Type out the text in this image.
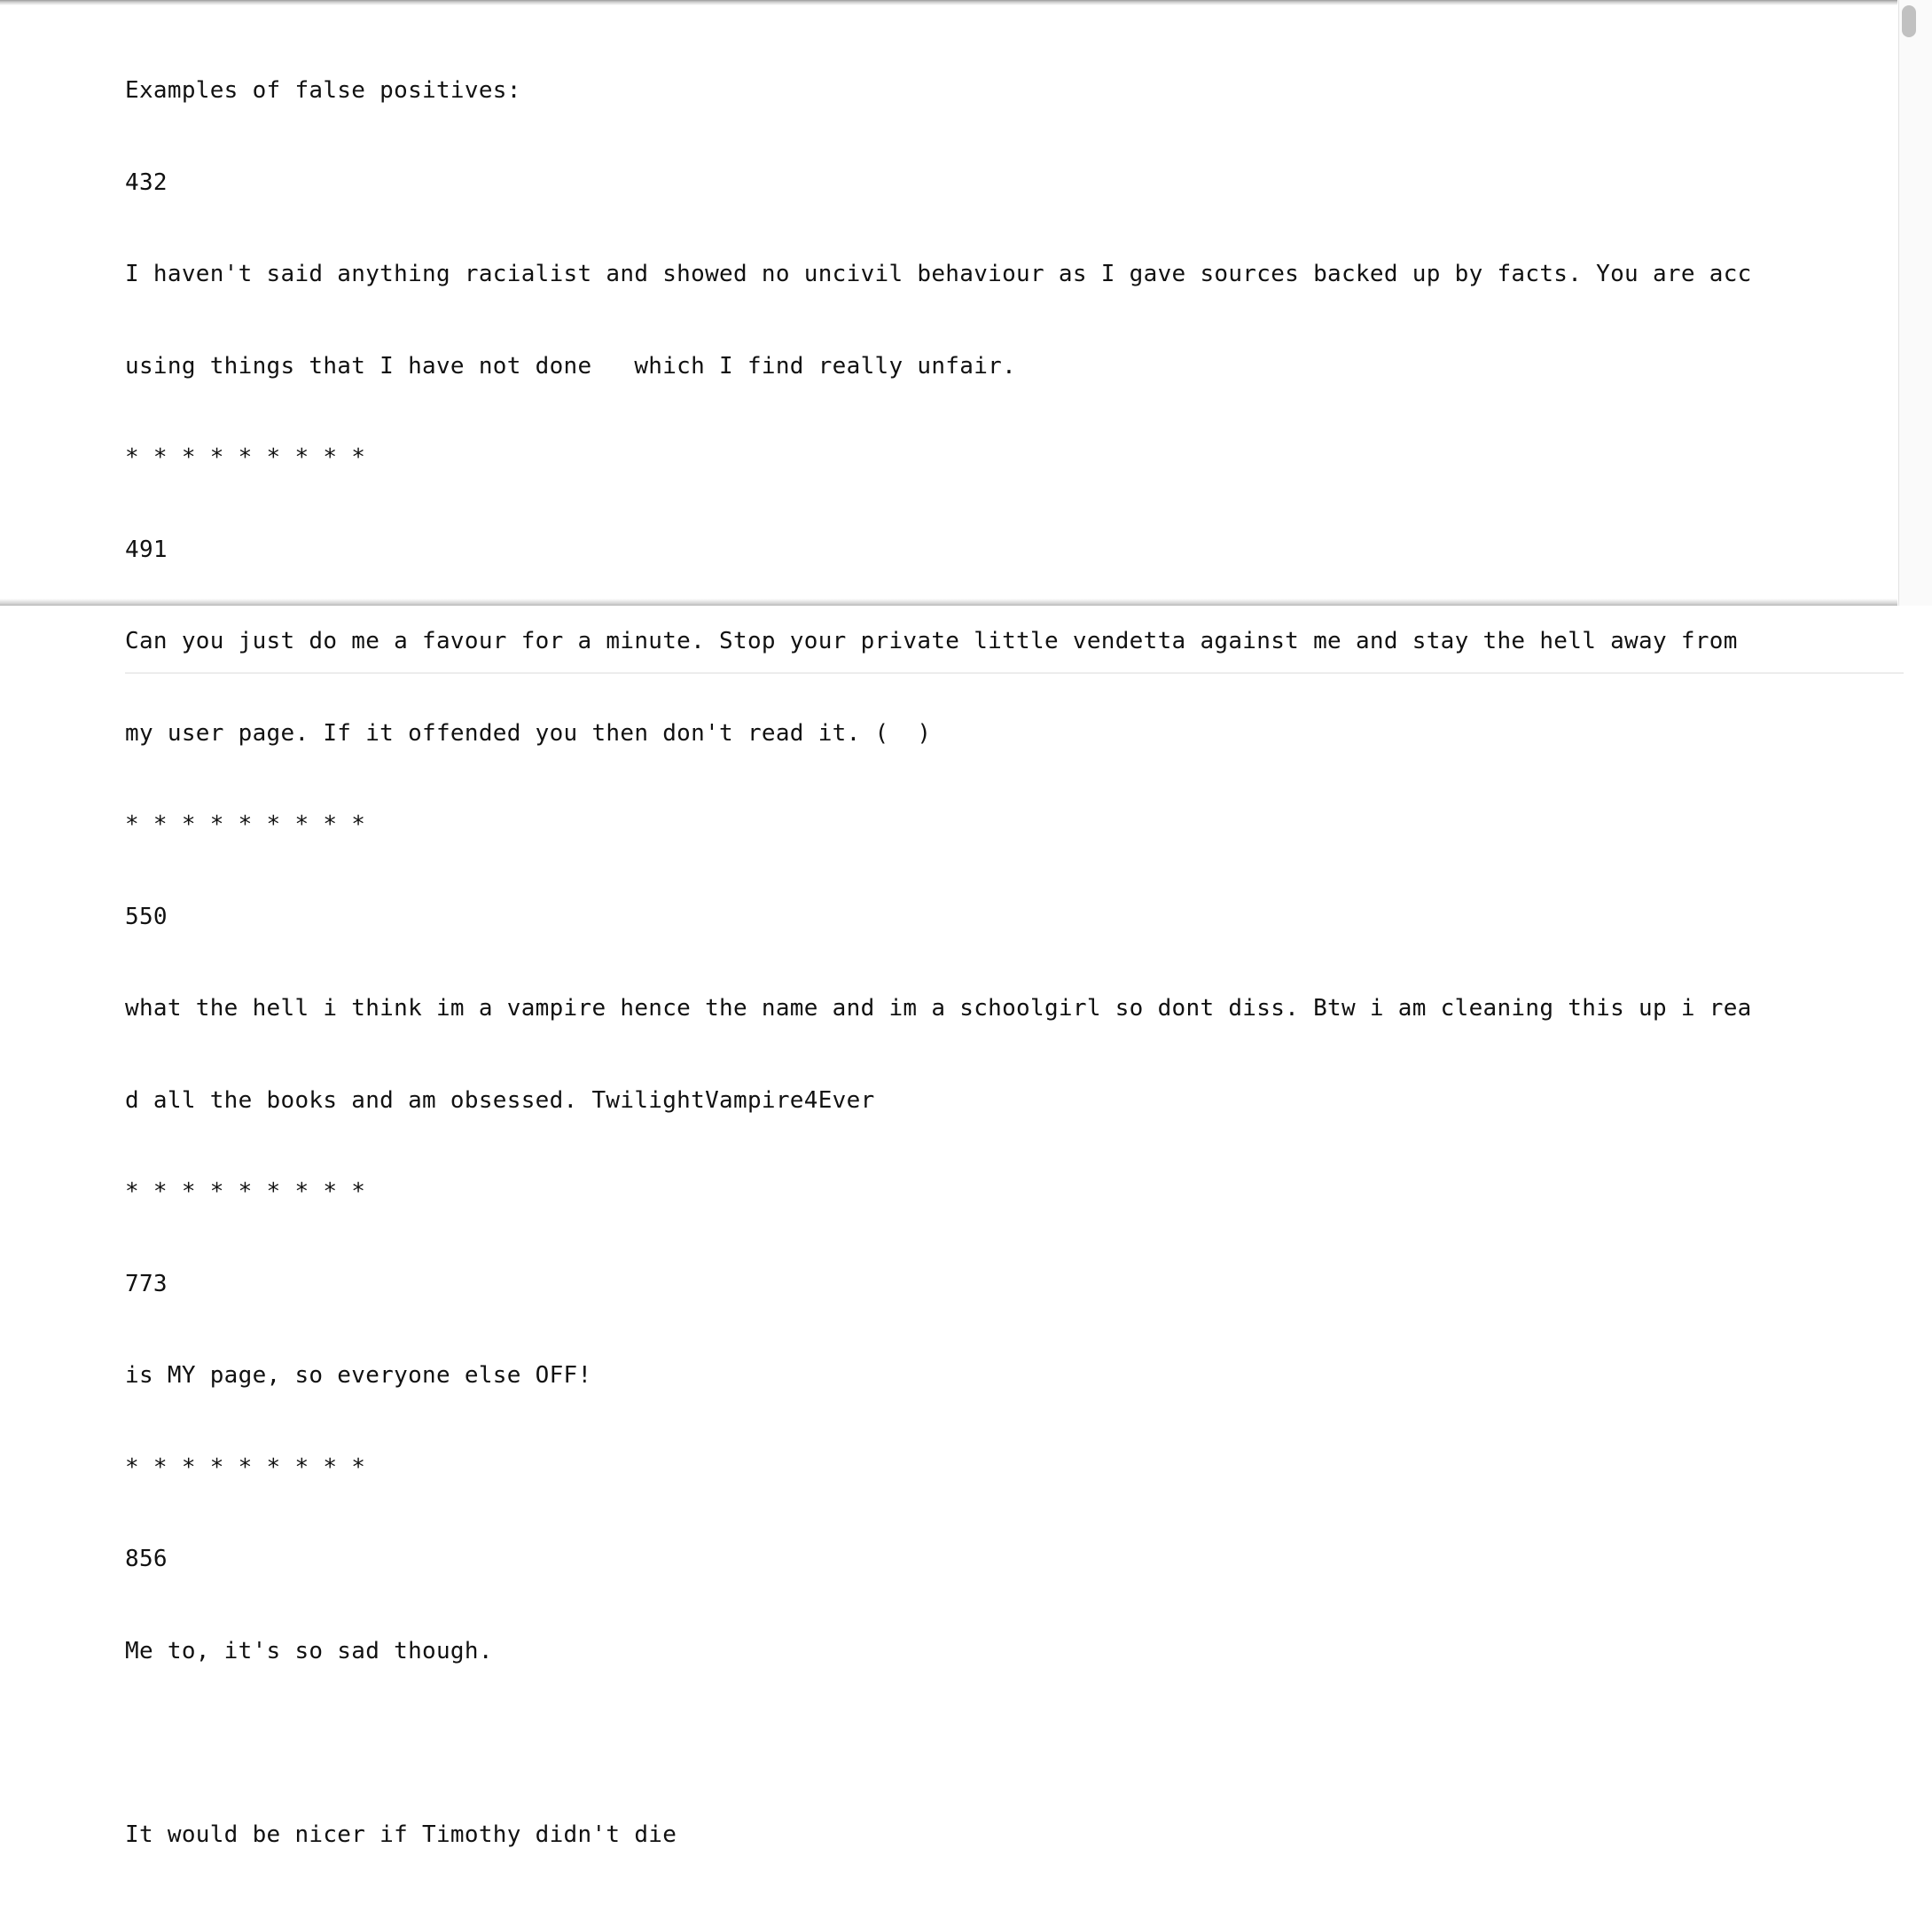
Examples of false positives:

432

I haven't said anything racialist and showed no uncivil behaviour as I gave sources backed up by facts. You are acc

using things that I have not done   which I find really unfair.

* * * * * * * * *

491

Can you just do me a favour for a minute. Stop your private little vendetta against me and stay the hell away from

my user page. If it offended you then don't read it. (  )

* * * * * * * * *

550

what the hell i think im a vampire hence the name and im a schoolgirl so dont diss. Btw i am cleaning this up i rea

d all the books and am obsessed. TwilightVampire4Ever

* * * * * * * * *

773

is MY page, so everyone else OFF!

* * * * * * * * *

856

Me to, it's so sad though.

It would be nicer if Timothy didn't die
